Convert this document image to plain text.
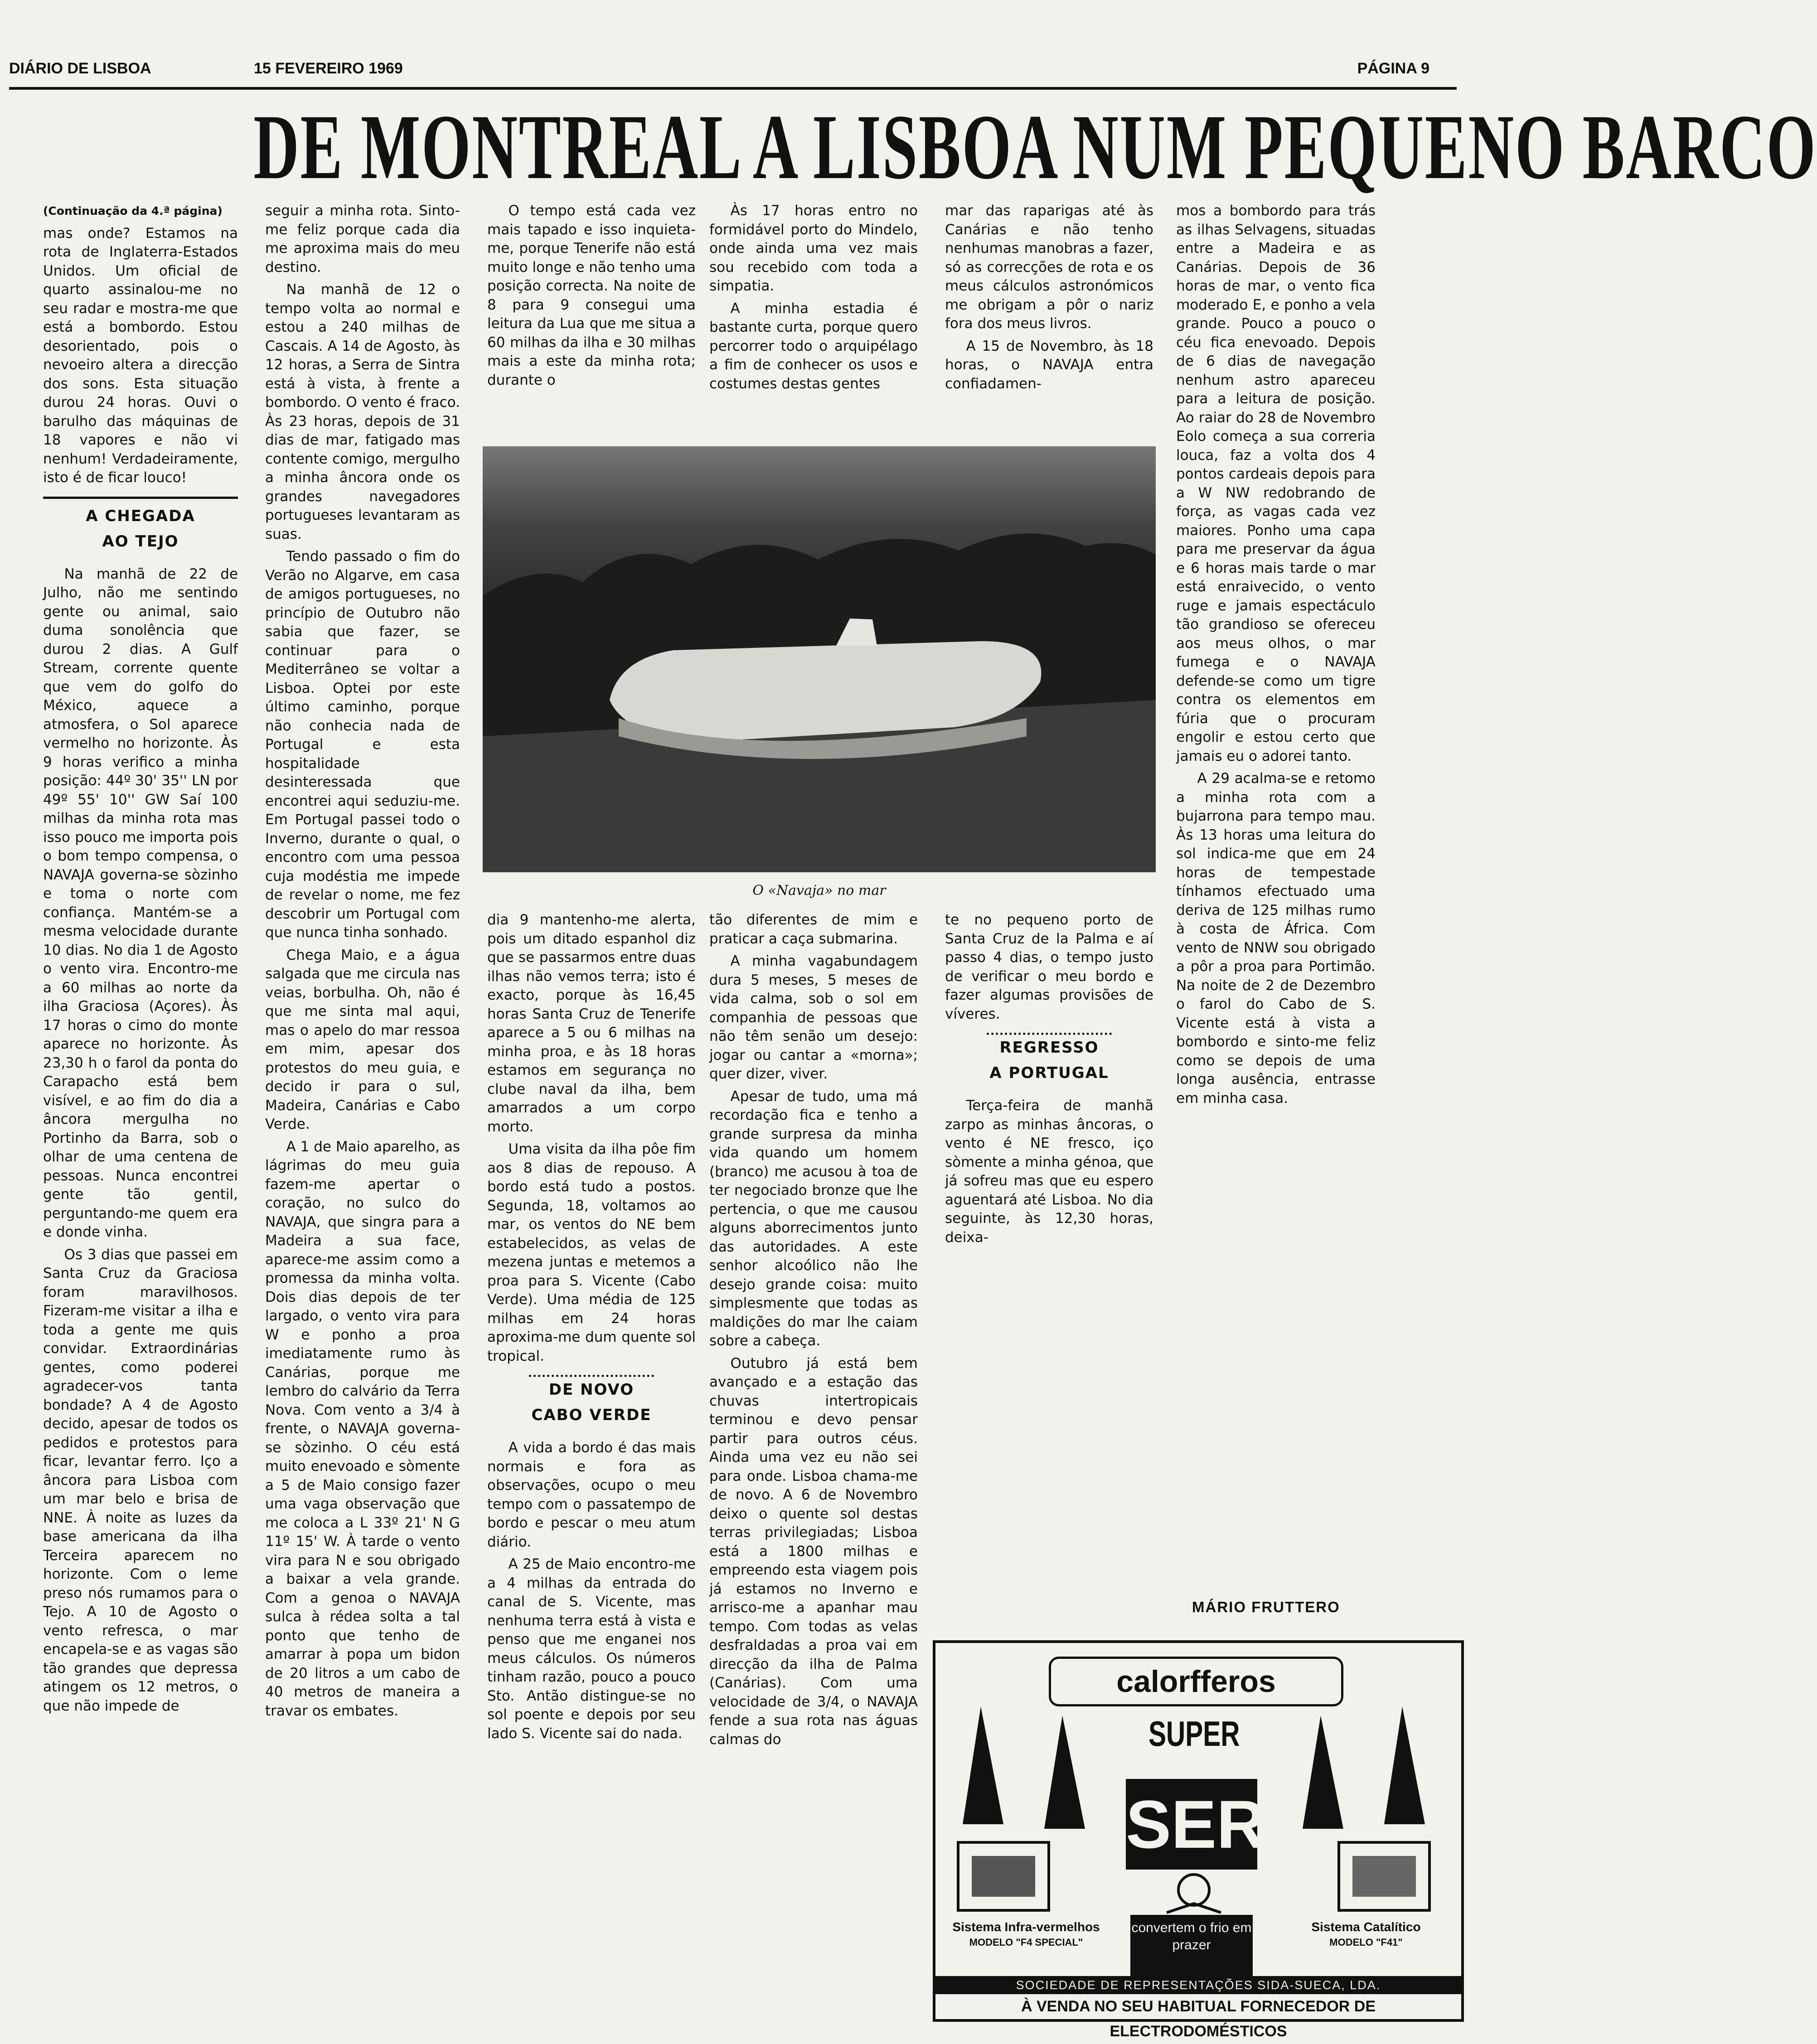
DIÁRIO DE LISBOA	15 FEVEREIRO 1969	PÁGINA 9
DE MONTREAL A LISBOA NUM PEQUENO BARCO

(Continuação da 4.ª página)

mas onde? Estamos na rota de Inglaterra-Estados Unidos. Um oficial de quarto assinalou-me no seu radar e mostra-me que está a bombordo. Estou desorientado, pois o nevoeiro altera a direcção dos sons. Esta situação durou 24 horas. Ouvi o barulho das máquinas de 18 vapores e não vi nenhum! Verdadeiramente, isto é de ficar louco!

A CHEGADA
AO TEJO

Na manhã de 22 de Julho, não me sentindo gente ou animal, saio duma sonolência que durou 2 dias. A Gulf Stream, corrente quente que vem do golfo do México, aquece a atmosfera, o Sol aparece vermelho no horizonte. Às 9 horas verifico a minha posição: 44º 30' 35'' LN por 49º 55' 10'' GW Saí 100 milhas da minha rota mas isso pouco me importa pois o bom tempo compensa, o NAVAJA governa-se sòzinho e toma o norte com confiança. Mantém-se a mesma velocidade durante 10 dias. No dia 1 de Agosto o vento vira. Encontro-me a 60 milhas ao norte da ilha Graciosa (Açores). Às 17 horas o cimo do monte aparece no horizonte. Às 23,30 h o farol da ponta do Carapacho está bem visível, e ao fim do dia a âncora mergulha no Portinho da Barra, sob o olhar de uma centena de pessoas. Nunca encontrei gente tão gentil, perguntando-me quem era e donde vinha.

Os 3 dias que passei em Santa Cruz da Graciosa foram maravilhosos. Fizeram-me visitar a ilha e toda a gente me quis convidar. Extraordinárias gentes, como poderei agradecer-vos tanta bondade? A 4 de Agosto decido, apesar de todos os pedidos e protestos para ficar, levantar ferro. Iço a âncora para Lisboa com um mar belo e brisa de NNE. À noite as luzes da base americana da ilha Terceira aparecem no horizonte. Com o leme preso nós rumamos para o Tejo. A 10 de Agosto o vento refresca, o mar encapela-se e as vagas são tão grandes que depressa atingem os 12 metros, o que não impede de

seguir a minha rota. Sinto-me feliz porque cada dia me aproxima mais do meu destino.

Na manhã de 12 o tempo volta ao normal e estou a 240 milhas de Cascais. A 14 de Agosto, às 12 horas, a Serra de Sintra está à vista, à frente a bombordo. O vento é fraco. Às 23 horas, depois de 31 dias de mar, fatigado mas contente comigo, mergulho a minha âncora onde os grandes navegadores portugueses levantaram as suas.

Tendo passado o fim do Verão no Algarve, em casa de amigos portugueses, no princípio de Outubro não sabia que fazer, se continuar para o Mediterrâneo se voltar a Lisboa. Optei por este último caminho, porque não conhecia nada de Portugal e esta hospitalidade desinteressada que encontrei aqui seduziu-me. Em Portugal passei todo o Inverno, durante o qual, o encontro com uma pessoa cuja modéstia me impede de revelar o nome, me fez descobrir um Portugal com que nunca tinha sonhado.

Chega Maio, e a água salgada que me circula nas veias, borbulha. Oh, não é que me sinta mal aqui, mas o apelo do mar ressoa em mim, apesar dos protestos do meu guia, e decido ir para o sul, Madeira, Canárias e Cabo Verde.

A 1 de Maio aparelho, as lágrimas do meu guia fazem-me apertar o coração, no sulco do NAVAJA, que singra para a Madeira a sua face, aparece-me assim como a promessa da minha volta. Dois dias depois de ter largado, o vento vira para W e ponho a proa imediatamente rumo às Canárias, porque me lembro do calvário da Terra Nova. Com vento a 3/4 à frente, o NAVAJA governa-se sòzinho. O céu está muito enevoado e sòmente a 5 de Maio consigo fazer uma vaga observação que me coloca a L 33º 21' N G 11º 15' W. À tarde o vento vira para N e sou obrigado a baixar a vela grande. Com a genoa o NAVAJA sulca à rédea solta a tal ponto que tenho de amarrar à popa um bidon de 20 litros a um cabo de 40 metros de maneira a travar os embates.

O tempo está cada vez mais tapado e isso inquieta-me, porque Tenerife não está muito longe e não tenho uma posição correcta. Na noite de 8 para 9 consegui uma leitura da Lua que me situa a 60 milhas da ilha e 30 milhas mais a este da minha rota; durante o

Às 17 horas entro no formidável porto do Mindelo, onde ainda uma vez mais sou recebido com toda a simpatia.

A minha estadia é bastante curta, porque quero percorrer todo o arquipélago a fim de conhecer os usos e costumes destas gentes

mar das raparigas até às Canárias e não tenho nenhumas manobras a fazer, só as correcções de rota e os meus cálculos astronómicos me obrigam a pôr o nariz fora dos meus livros.

A 15 de Novembro, às 18 horas, o NAVAJA entra confiadamen-

O «Navaja» no mar

dia 9 mantenho-me alerta, pois um ditado espanhol diz que se passarmos entre duas ilhas não vemos terra; isto é exacto, porque às 16,45 horas Santa Cruz de Tenerife aparece a 5 ou 6 milhas na minha proa, e às 18 horas estamos em segurança no clube naval da ilha, bem amarrados a um corpo morto.

Uma visita da ilha pôe fim aos 8 dias de repouso. A bordo está tudo a postos. Segunda, 18, voltamos ao mar, os ventos do NE bem estabelecidos, as velas de mezena juntas e metemos a proa para S. Vicente (Cabo Verde). Uma média de 125 milhas em 24 horas aproxima-me dum quente sol tropical.

DE NOVO
CABO VERDE

A vida a bordo é das mais normais e fora as observações, ocupo o meu tempo com o passatempo de bordo e pescar o meu atum diário.

A 25 de Maio encontro-me a 4 milhas da entrada do canal de S. Vicente, mas nenhuma terra está à vista e penso que me enganei nos meus cálculos. Os números tinham razão, pouco a pouco Sto. Antão distingue-se no sol poente e depois por seu lado S. Vicente sai do nada.

tão diferentes de mim e praticar a caça submarina.

A minha vagabundagem dura 5 meses, 5 meses de vida calma, sob o sol em companhia de pessoas que não têm senão um desejo: jogar ou cantar a «morna»; quer dizer, viver.

Apesar de tudo, uma má recordação fica e tenho a grande surpresa da minha vida quando um homem (branco) me acusou à toa de ter negociado bronze que lhe pertencia, o que me causou alguns aborrecimentos junto das autoridades. A este senhor alcoólico não lhe desejo grande coisa: muito simplesmente que todas as maldições do mar lhe caiam sobre a cabeça.

Outubro já está bem avançado e a estação das chuvas intertropicais terminou e devo pensar partir para outros céus. Ainda uma vez eu não sei para onde. Lisboa chama-me de novo. A 6 de Novembro deixo o quente sol destas terras privilegiadas; Lisboa está a 1800 milhas e empreendo esta viagem pois já estamos no Inverno e arrisco-me a apanhar mau tempo. Com todas as velas desfraldadas a proa vai em direcção da ilha de Palma (Canárias). Com uma velocidade de 3/4, o NAVAJA fende a sua rota nas águas calmas do

te no pequeno porto de Santa Cruz de la Palma e aí passo 4 dias, o tempo justo de verificar o meu bordo e fazer algumas provisões de víveres.

REGRESSO
A PORTUGAL

Terça-feira de manhã zarpo as minhas âncoras, o vento é NE fresco, iço sòmente a minha génoa, que já sofreu mas que eu espero aguentará até Lisboa. No dia seguinte, às 12,30 horas, deixa-

mos a bombordo para trás as ilhas Selvagens, situadas entre a Madeira e as Canárias. Depois de 36 horas de mar, o vento fica moderado E, e ponho a vela grande. Pouco a pouco o céu fica enevoado. Depois de 6 dias de navegação nenhum astro apareceu para a leitura de posição. Ao raiar do 28 de Novembro Eolo começa a sua correria louca, faz a volta dos 4 pontos cardeais depois para a W NW redobrando de força, as vagas cada vez maiores. Ponho uma capa para me preservar da água e 6 horas mais tarde o mar está enraivecido, o vento ruge e jamais espectáculo tão grandioso se ofereceu aos meus olhos, o mar fumega e o NAVAJA defende-se como um tigre contra os elementos em fúria que o procuram engolir e estou certo que jamais eu o adorei tanto.

A 29 acalma-se e retomo a minha rota com a bujarrona para tempo mau. Às 13 horas uma leitura do sol indica-me que em 24 horas de tempestade tínhamos efectuado uma deriva de 125 milhas rumo à costa de África. Com vento de NNW sou obrigado a pôr a proa para Portimão. Na noite de 2 de Dezembro o farol do Cabo de S. Vicente está à vista a bombordo e sinto-me feliz como se depois de uma longa ausência, entrasse em minha casa.

MÁRIO FRUTTERO
calorfferos
SUPER
SER
Sistema Infra-vermelhos
MODELO "F4 SPECIAL"
convertem o frio em prazer
Sistema Catalítico
MODELO "F41"
SOCIEDADE DE REPRESENTAÇÕES SIDA-SUECA, LDA.
À VENDA NO SEU HABITUAL FORNECEDOR DE ELECTRODOMÉSTICOS
